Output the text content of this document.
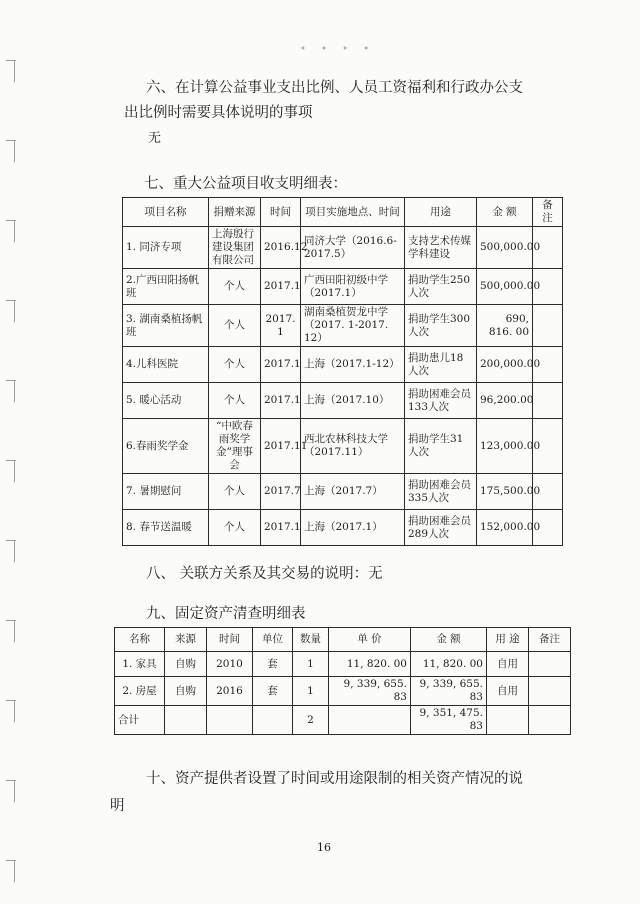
• • • •
六、在计算公益事业支出比例、人员工资福利和行政办公支
出比例时需要具体说明的事项
无
七、重大公益项目收支明细表：
项目名称	捐赠来源	时间	项目实施地点、时间	用途	金 额	备 注
1. 同济专项	上海殷行建设集团有限公司	2016.12	同济大学（2016.6-2017.5）	支持艺术传媒学科建设	500,000.00	
2.广西田阳扬帆班	个人	2017.1	广西田阳初级中学（2017.1）	捐助学生250人次	500,000.00	
3. 湖南桑植扬帆班	个人	2017. 1	湖南桑植贺龙中学（2017. 1-2017. 12）	捐助学生300人次	690, 816. 00	
4.儿科医院	个人	2017.1	上海（2017.1-12）	捐助患儿18人次	200,000.00	
5. 暖心活动	个人	2017.1	上海（2017.10）	捐助困难会员133人次	96,200.00	
6.春雨奖学金	“中欧春雨奖学金”理事会	2017.11	西北农林科技大学（2017.11）	捐助学生31人次	123,000.00	
7. 暑期慰问	个人	2017.7	上海（2017.7）	捐助困难会员335人次	175,500.00	
8. 春节送温暖	个人	2017.1	上海（2017.1）	捐助困难会员289人次	152,000.00	
八、 关联方关系及其交易的说明：无
九、固定资产清查明细表
名称	来源	时间	单位	数量	单 价	金 额	用 途	备注
1. 家具	自购	2010	套	1	11, 820. 00	11, 820. 00	自用	
2. 房屋	自购	2016	套	1	9, 339, 655. 83	9, 339, 655. 83	自用	
合计				2		9, 351, 475. 83		
十、资产提供者设置了时间或用途限制的相关资产情况的说
明
16
